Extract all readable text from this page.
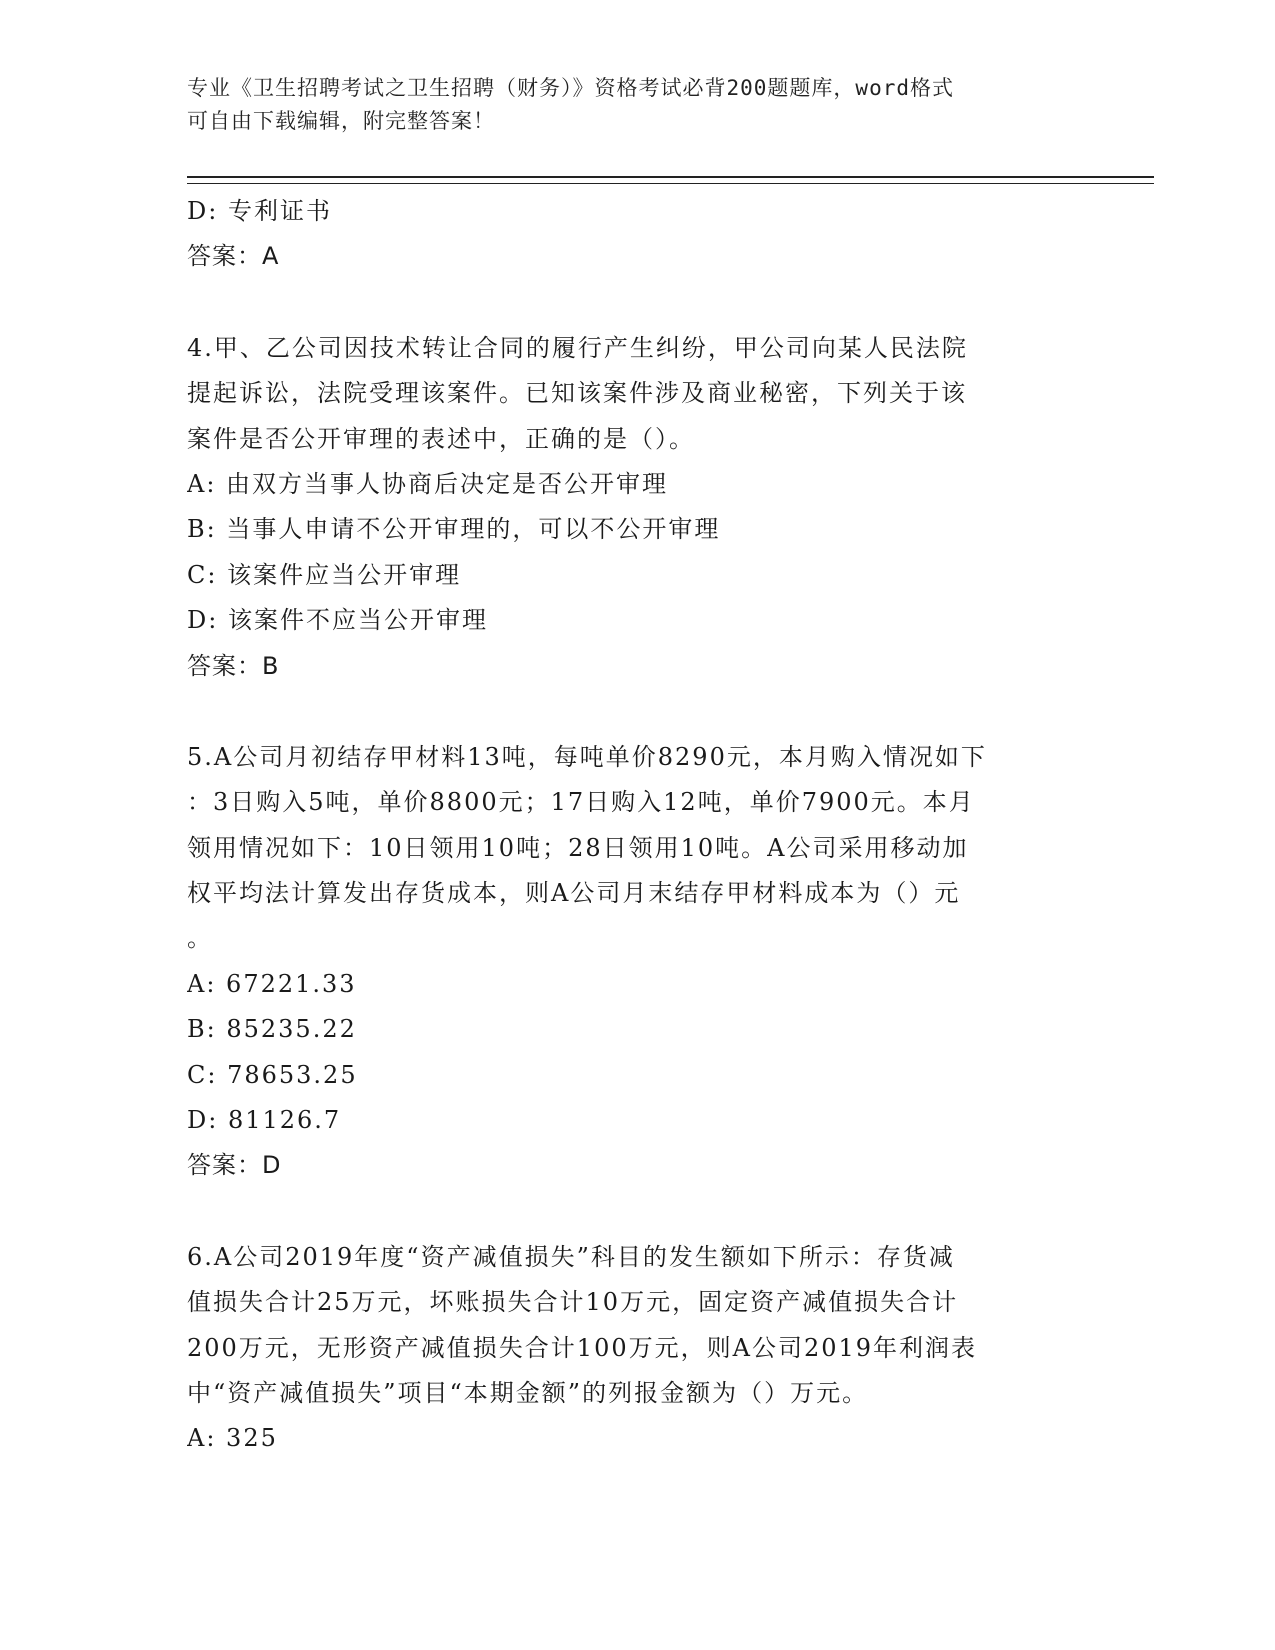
专业《卫生招聘考试之卫生招聘（财务）》资格考试必背200题题库，word格式
可自由下载编辑，附完整答案！
D: 专利证书
答案：A
4.甲、乙公司因技术转让合同的履行产生纠纷，甲公司向某人民法院
提起诉讼，法院受理该案件。已知该案件涉及商业秘密，下列关于该
案件是否公开审理的表述中，正确的是（）。
A: 由双方当事人协商后决定是否公开审理
B: 当事人申请不公开审理的，可以不公开审理
C: 该案件应当公开审理
D: 该案件不应当公开审理
答案：B
5.A公司月初结存甲材料13吨，每吨单价8290元，本月购入情况如下
：3日购入5吨，单价8800元；17日购入12吨，单价7900元。本月
领用情况如下：10日领用10吨；28日领用10吨。A公司采用移动加
权平均法计算发出存货成本，则A公司月末结存甲材料成本为（）元
。
A: 67221.33
B: 85235.22
C: 78653.25
D: 81126.7
答案：D
6.A公司2019年度“资产减值损失”科目的发生额如下所示：存货减
值损失合计25万元，坏账损失合计10万元，固定资产减值损失合计
200万元，无形资产减值损失合计100万元，则A公司2019年利润表
中“资产减值损失”项目“本期金额”的列报金额为（）万元。
A: 325
